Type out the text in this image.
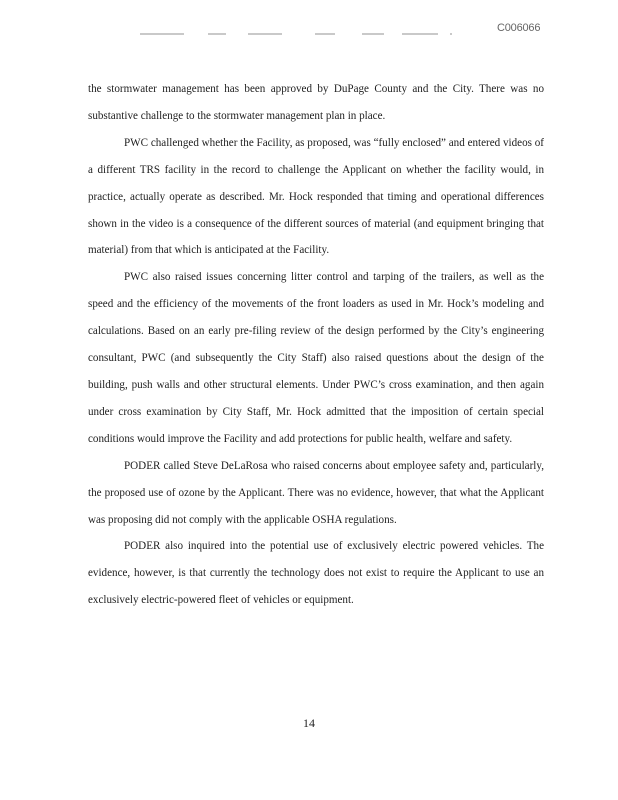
C006066

the stormwater management has been approved by DuPage County and the City. There was no substantive challenge to the stormwater management plan in place.

PWC challenged whether the Facility, as proposed, was “fully enclosed” and entered videos of a different TRS facility in the record to challenge the Applicant on whether the facility would, in practice, actually operate as described. Mr. Hock responded that timing and operational differences shown in the video is a consequence of the different sources of material (and equipment bringing that material) from that which is anticipated at the Facility.

PWC also raised issues concerning litter control and tarping of the trailers, as well as the speed and the efficiency of the movements of the front loaders as used in Mr. Hock’s modeling and calculations. Based on an early pre-filing review of the design performed by the City’s engineering consultant, PWC (and subsequently the City Staff) also raised questions about the design of the building, push walls and other structural elements. Under PWC’s cross examination, and then again under cross examination by City Staff, Mr. Hock admitted that the imposition of certain special conditions would improve the Facility and add protections for public health, welfare and safety.

PODER called Steve DeLaRosa who raised concerns about employee safety and, particularly, the proposed use of ozone by the Applicant. There was no evidence, however, that what the Applicant was proposing did not comply with the applicable OSHA regulations.

PODER also inquired into the potential use of exclusively electric powered vehicles. The evidence, however, is that currently the technology does not exist to require the Applicant to use an exclusively electric-powered fleet of vehicles or equipment.

14
